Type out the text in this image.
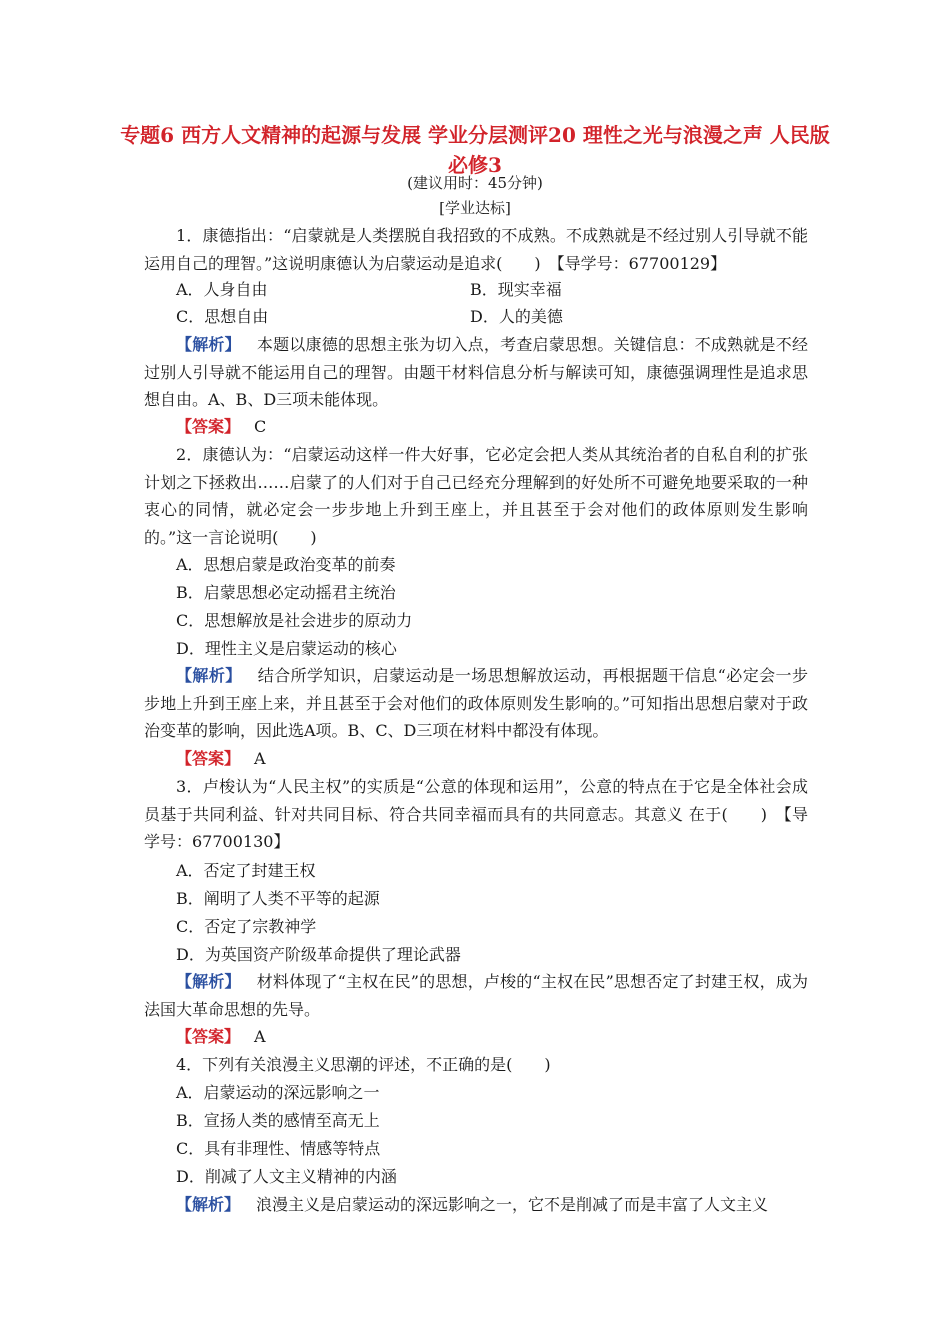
专题6 西方人文精神的起源与发展 学业分层测评20 理性之光与浪漫之声 人民版必修3
(建议用时：45分钟)
[学业达标]
1．康德指出：“启蒙就是人类摆脱自我招致的不成熟。不成熟就是不经过别人引导就不能运用自己的理智。”这说明康德认为启蒙运动是追求(　　)　【导学号：67700129】
A．人身自由	B．现实幸福
C．思想自由	D．人的美德
【解析】 本题以康德的思想主张为切入点，考查启蒙思想。关键信息：不成熟就是不经过别人引导就不能运用自己的理智。由题干材料信息分析与解读可知，康德强调理性是追求思想自由。A、B、D三项未能体现。
【答案】 C
2．康德认为：“启蒙运动这样一件大好事，它必定会把人类从其统治者的自私自利的扩张计划之下拯救出……启蒙了的人们对于自己已经充分理解到的好处所不可避免地要采取的一种衷心的同情，就必定会一步步地上升到王座上，并且甚至于会对他们的政体原则发生影响的。”这一言论说明(　　)
A．思想启蒙是政治变革的前奏
B．启蒙思想必定动摇君主统治
C．思想解放是社会进步的原动力
D．理性主义是启蒙运动的核心
【解析】 结合所学知识，启蒙运动是一场思想解放运动，再根据题干信息“必定会一步步地上升到王座上来，并且甚至于会对他们的政体原则发生影响的。”可知指出思想启蒙对于政治变革的影响，因此选A项。B、C、D三项在材料中都没有体现。
【答案】 A
3．卢梭认为“人民主权”的实质是“公意的体现和运用”，公意的特点在于它是全体社会成员基于共同利益、针对共同目标、符合共同幸福而具有的共同意志。其意义 在于(　　)　【导学号：67700130】
A．否定了封建王权
B．阐明了人类不平等的起源
C．否定了宗教神学
D．为英国资产阶级革命提供了理论武器
【解析】 材料体现了“主权在民”的思想，卢梭的“主权在民”思想否定了封建王权，成为法国大革命思想的先导。
【答案】 A
4．下列有关浪漫主义思潮的评述，不正确的是(　　)
A．启蒙运动的深远影响之一
B．宣扬人类的感情至高无上
C．具有非理性、情感等特点
D．削减了人文主义精神的内涵
【解析】 浪漫主义是启蒙运动的深远影响之一，它不是削减了而是丰富了人文主义
